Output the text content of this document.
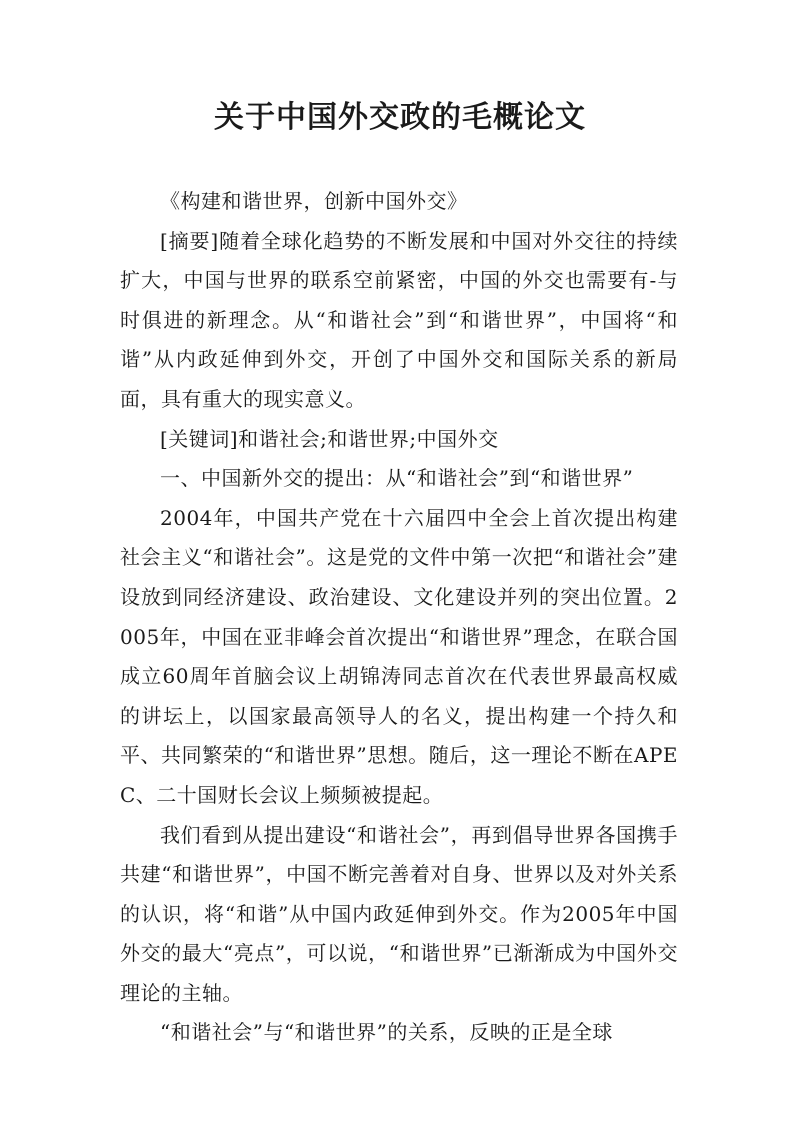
关于中国外交政的毛概论文

《构建和谐世界，创新中国外交》

[摘要]随着全球化趋势的不断发展和中国对外交往的持续扩大，中国与世界的联系空前紧密，中国的外交也需要有-与时俱进的新理念。从“和谐社会”到“和谐世界”，中国将“和谐”从内政延伸到外交，开创了中国外交和国际关系的新局面，具有重大的现实意义。

[关键词]和谐社会;和谐世界;中国外交

一、中国新外交的提出：从“和谐社会”到“和谐世界”

2004年，中国共产党在十六届四中全会上首次提出构建社会主义“和谐社会”。这是党的文件中第一次把“和谐社会”建设放到同经济建设、政治建设、文化建设并列的突出位置。2005年，中国在亚非峰会首次提出“和谐世界”理念，在联合国成立60周年首脑会议上胡锦涛同志首次在代表世界最高权威的讲坛上，以国家最高领导人的名义，提出构建一个持久和平、共同繁荣的“和谐世界”思想。随后，这一理论不断在APEC、二十国财长会议上频频被提起。

我们看到从提出建设“和谐社会”，再到倡导世界各国携手共建“和谐世界”，中国不断完善着对自身、世界以及对外关系的认识，将“和谐”从中国内政延伸到外交。作为2005年中国外交的最大“亮点”，可以说，“和谐世界”已渐渐成为中国外交理论的主轴。

“和谐社会”与“和谐世界”的关系，反映的正是全球
